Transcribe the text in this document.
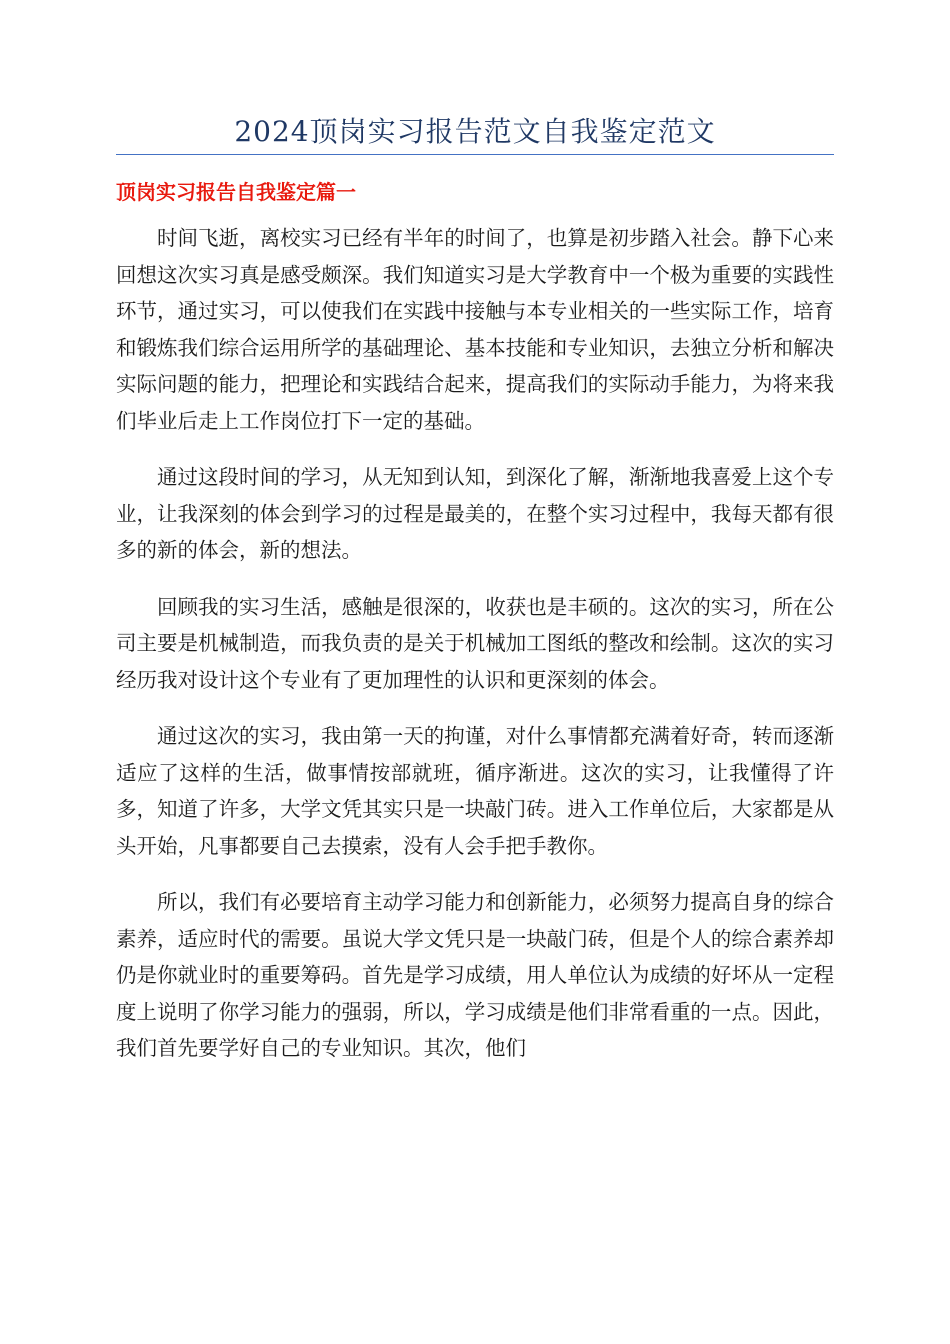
2024顶岗实习报告范文自我鉴定范文
顶岗实习报告自我鉴定篇一

时间飞逝，离校实习已经有半年的时间了，也算是初步踏入社会。静下心来回想这次实习真是感受颇深。我们知道实习是大学教育中一个极为重要的实践性环节，通过实习，可以使我们在实践中接触与本专业相关的一些实际工作，培育和锻炼我们综合运用所学的基础理论、基本技能和专业知识，去独立分析和解决实际问题的能力，把理论和实践结合起来，提高我们的实际动手能力，为将来我们毕业后走上工作岗位打下一定的基础。

通过这段时间的学习，从无知到认知，到深化了解，渐渐地我喜爱上这个专业，让我深刻的体会到学习的过程是最美的，在整个实习过程中，我每天都有很多的新的体会，新的想法。

回顾我的实习生活，感触是很深的，收获也是丰硕的。这次的实习，所在公司主要是机械制造，而我负责的是关于机械加工图纸的整改和绘制。这次的实习经历我对设计这个专业有了更加理性的认识和更深刻的体会。

通过这次的实习，我由第一天的拘谨，对什么事情都充满着好奇，转而逐渐适应了这样的生活，做事情按部就班，循序渐进。这次的实习，让我懂得了许多，知道了许多，大学文凭其实只是一块敲门砖。进入工作单位后，大家都是从头开始，凡事都要自己去摸索，没有人会手把手教你。

所以，我们有必要培育主动学习能力和创新能力，必须努力提高自身的综合素养，适应时代的需要。虽说大学文凭只是一块敲门砖，但是个人的综合素养却仍是你就业时的重要筹码。首先是学习成绩，用人单位认为成绩的好坏从一定程度上说明了你学习能力的强弱，所以，学习成绩是他们非常看重的一点。因此，我们首先要学好自己的专业知识。其次，他们
